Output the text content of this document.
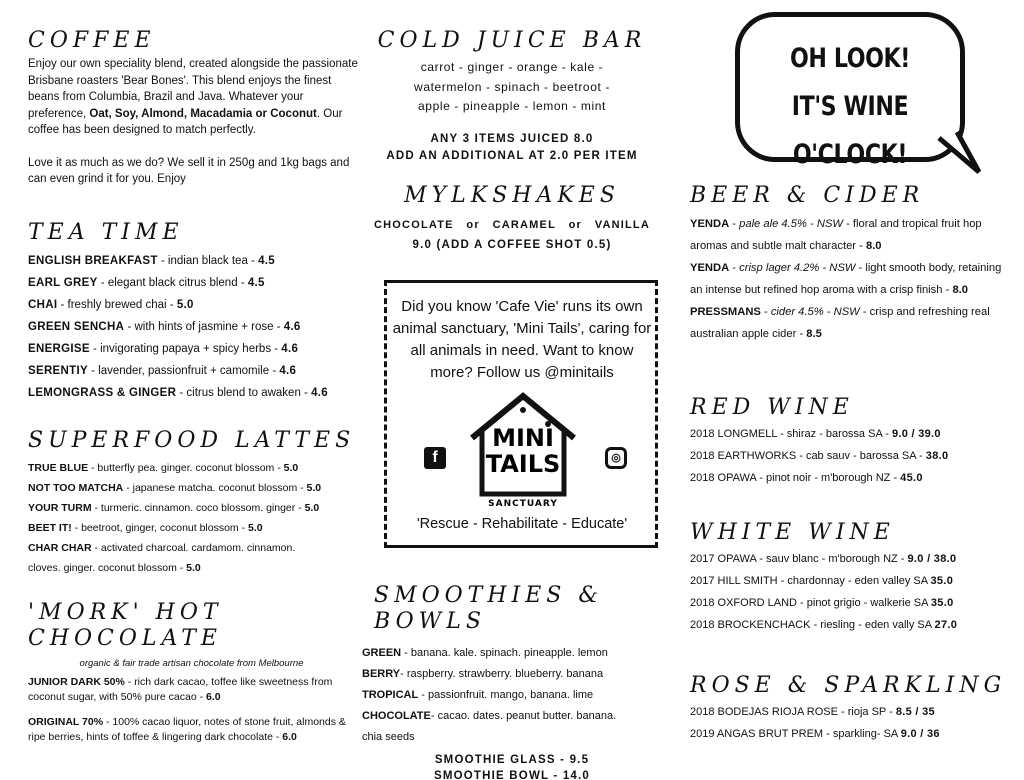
COFFEE
Enjoy our own speciality blend, created alongside the passionate Brisbane roasters 'Bear Bones'. This blend enjoys the finest beans from Columbia, Brazil and Java. Whatever your preference, Oat, Soy, Almond, Macadamia or Coconut. Our coffee has been designed to match perfectly.
Love it as much as we do? We sell it in 250g and 1kg bags and can even grind it for you. Enjoy
TEA TIME
ENGLISH BREAKFAST - indian black tea - 4.5
EARL GREY - elegant black citrus blend - 4.5
CHAI - freshly brewed chai - 5.0
GREEN SENCHA - with hints of jasmine + rose - 4.6
ENERGISE - invigorating papaya + spicy herbs - 4.6
SERENTIY - lavender, passionfruit + camomile - 4.6
LEMONGRASS & GINGER - citrus blend to awaken - 4.6
SUPERFOOD LATTES
TRUE BLUE - butterfly pea. ginger. coconut blossom - 5.0
NOT TOO MATCHA - japanese matcha. coconut blossom - 5.0
YOUR TURM - turmeric. cinnamon. coco blossom. ginger - 5.0
BEET IT! - beetroot, ginger, coconut blossom - 5.0
CHAR CHAR - activated charcoal. cardamom. cinnamon.
cloves. ginger. coconut blossom - 5.0
'MORK' HOT CHOCOLATE
organic & fair trade artisan chocolate from Melbourne
JUNIOR DARK 50% - rich dark cacao, toffee like sweetness from coconut sugar, with 50% pure cacao - 6.0
ORIGINAL 70% - 100% cacao liquor, notes of stone fruit, almonds & ripe berries, hints of toffee & lingering dark chocolate - 6.0
COLD JUICE BAR
carrot - ginger - orange - kale -
watermelon - spinach - beetroot -
apple - pineapple - lemon - mint
ANY 3 ITEMS JUICED 8.0
ADD AN ADDITIONAL AT 2.0 PER ITEM
MYLKSHAKES
CHOCOLATE   or   CARAMEL   or   VANILLA
9.0 (ADD A COFFEE SHOT 0.5)
SMOOTHIES & BOWLS
GREEN - banana. kale. spinach. pineapple. lemon
BERRY- raspberry. strawberry. blueberry. banana
TROPICAL - passionfruit. mango, banana. lime
CHOCOLATE- cacao. dates. peanut butter. banana.
chia seeds
SMOOTHIE GLASS - 9.5
SMOOTHIE BOWL - 14.0
Did you know 'Cafe Vie' runs its own animal sanctuary, 'Mini Tails', caring for all animals in need. Want to know more? Follow us @minitails
f	◎
MINI
TAILS
SANCTUARY
'Rescue - Rehabilitate - Educate'
OH LOOK!
IT'S WINE O'CLOCK!
BEER & CIDER
YENDA - pale ale 4.5% - NSW - floral and tropical fruit hop aromas and subtle malt character - 8.0
YENDA - crisp lager 4.2% - NSW - light smooth body, retaining an intense but refined hop aroma with a crisp finish - 8.0
PRESSMANS - cider 4.5% - NSW - crisp and refreshing real australian apple cider - 8.5
RED WINE
2018 LONGMELL - shiraz - barossa SA - 9.0 / 39.0
2018 EARTHWORKS - cab sauv - barossa SA - 38.0
2018 OPAWA - pinot noir - m'borough NZ - 45.0
WHITE WINE
2017 OPAWA - sauv blanc - m'borough NZ - 9.0 / 38.0
2017 HILL SMITH - chardonnay - eden valley SA 35.0
2018 OXFORD LAND - pinot grigio - walkerie SA 35.0
2018 BROCKENCHACK - riesling - eden vally SA 27.0
ROSE & SPARKLING
2018 BODEJAS RIOJA ROSE - rioja SP - 8.5 / 35
2019 ANGAS BRUT PREM - sparkling- SA 9.0 / 36
